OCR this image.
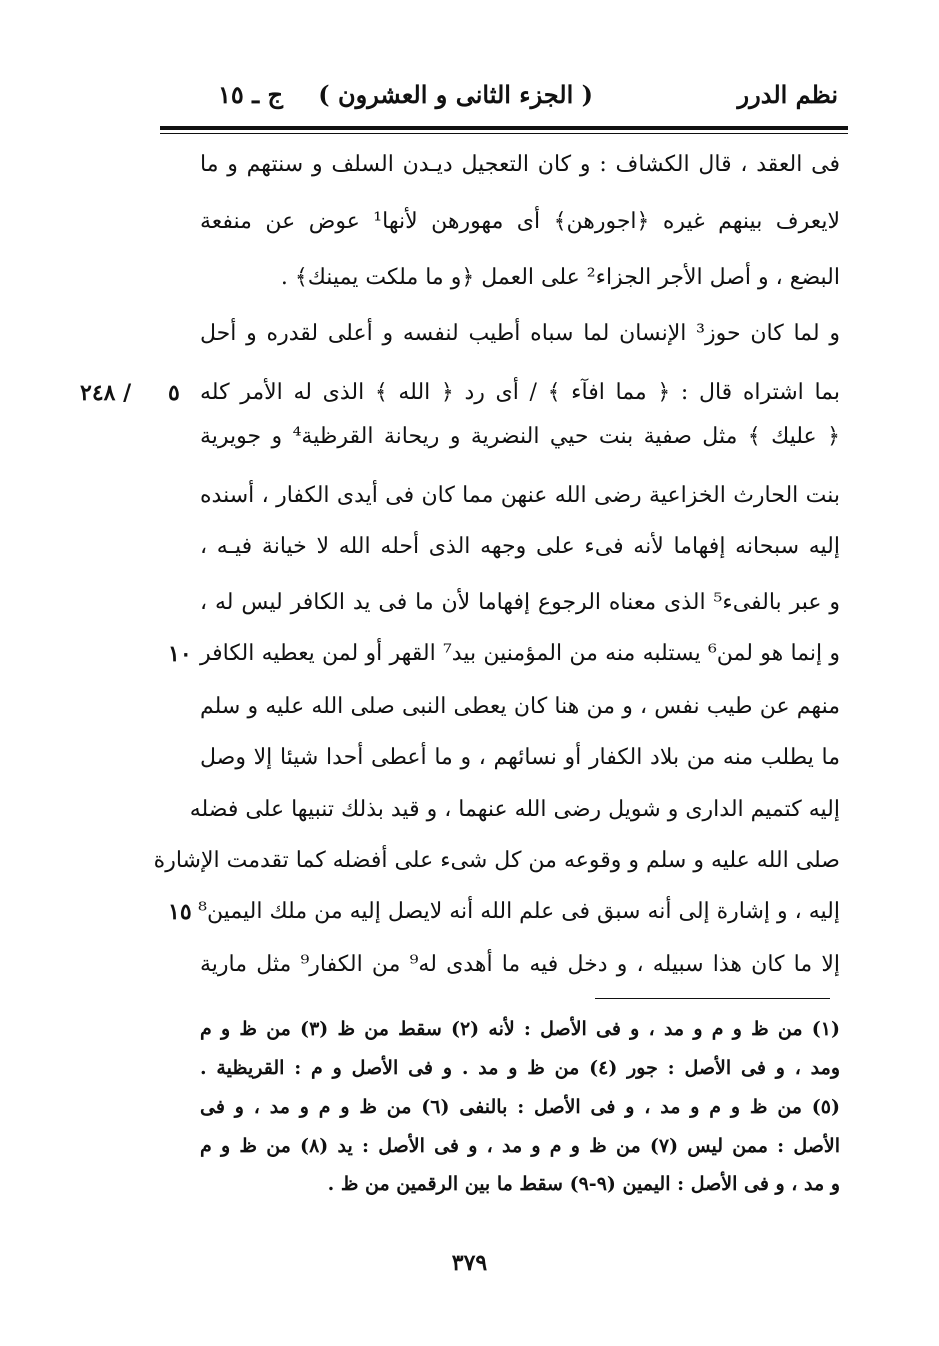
نظم الدرر
( الجزء الثانى و العشرون )
ج ـ ١٥
فى العقد ، قال الكشاف : و كان التعجيل ديـدن السلف و سنتهم و ما
لايعرف بينهم غيره ﴿اجورهن﴾ أى مهورهن لأنها¹ عوض عن منفعة
البضع ، و أصل الأجر الجزاء² على العمل ﴿و ما ملكت يمينك﴾ .
و لما كان حوز³ الإنسان لما سباه أطيب لنفسه و أعلى لقدره و أحل
بما اشتراه قال : ﴿ مما افآء ﴾ / أى رد ﴿ الله ﴾ الذى له الأمر كله
﴿ عليك ﴾ مثل صفية بنت حيي النضرية و ريحانة القرظية⁴ و جويرية
بنت الحارث الخزاعية رضى الله عنهن مما كان فى أيدى الكفار ، أسنده
إليه سبحانه إفهاما لأنه فىء على وجهه الذى أحله الله لا خيانة فيـه ،
و عبر بالفىء⁵ الذى معناه الرجوع إفهاما لأن ما فى يد الكافر ليس له ،
و إنما هو لمن⁶ يستلبه منه من المؤمنين بيد⁷ القهر أو لمن يعطيه الكافر
منهم عن طيب نفس ، و من هنا كان يعطى النبى صلى الله عليه و سلم
ما يطلب منه من بلاد الكفار أو نسائهم ، و ما أعطى أحدا شيئا إلا وصل
إليه كتميم الدارى و شويل رضى الله عنهما ، و قيد بذلك تنبيها على فضله
صلى الله عليه و سلم و وقوعه من كل شىء على أفضله كما تقدمت الإشارة
إليه ، و إشارة إلى أنه سبق فى علم الله أنه لايصل إليه من ملك اليمين⁸
إلا ما كان هذا سبيله ، و دخل فيه ما أهدى له⁹ من الكفار⁹ مثل مارية
٢٤٨ / ٥
١٠
١٥
(١) من ظ و م و مد ، و فى الأصل : لأنه (٢) سقط من ظ (٣) من ظ و م
ومد ، و فى الأصل : جور (٤) من ظ و مد . و فى الأصل و م : القريظية .
(٥) من ظ و م و مد ، و فى الأصل : بالنفى (٦) من ظ و م و مد ، و فى
الأصل : ممن ليس (٧) من ظ و م و مد ، و فى الأصل : يد (٨) من ظ و م
و مد ، و فى الأصل : اليمين (٩-٩) سقط ما بين الرقمين من ظ .
٣٧٩
